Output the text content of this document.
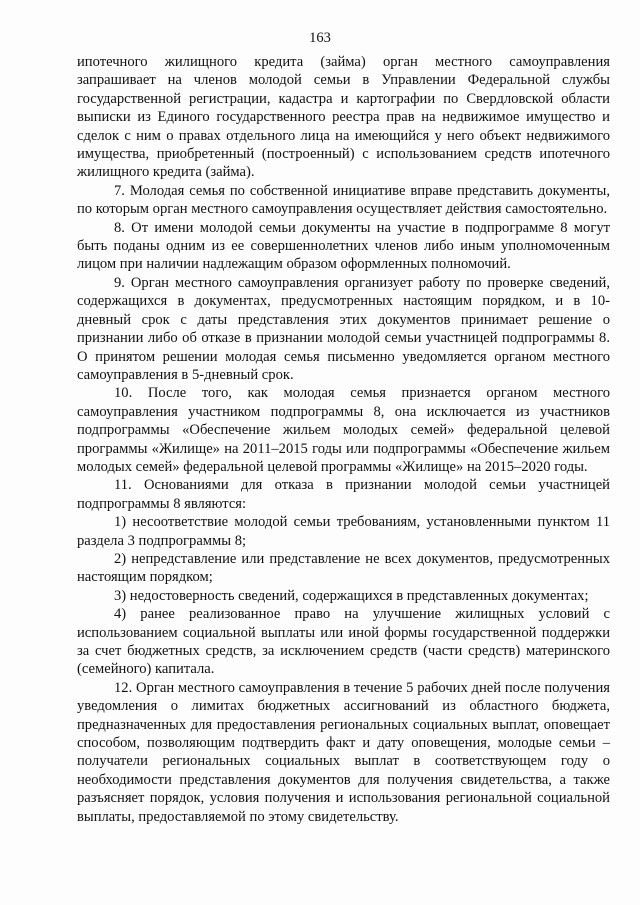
163

ипотечного жилищного кредита (займа) орган местного самоуправления запрашивает на членов молодой семьи в Управлении Федеральной службы государственной регистрации, кадастра и картографии по Свердловской области выписки из Единого государственного реестра прав на недвижимое имущество и сделок с ним о правах отдельного лица на имеющийся у него объект недвижимого имущества, приобретенный (построенный) с использованием средств ипотечного жилищного кредита (займа).

7. Молодая семья по собственной инициативе вправе представить документы, по которым орган местного самоуправления осуществляет действия самостоятельно.

8. От имени молодой семьи документы на участие в подпрограмме 8 могут быть поданы одним из ее совершеннолетних членов либо иным уполномоченным лицом при наличии надлежащим образом оформленных полномочий.

9. Орган местного самоуправления организует работу по проверке сведений, содержащихся в документах, предусмотренных настоящим порядком, и в 10-дневный срок с даты представления этих документов принимает решение о признании либо об отказе в признании молодой семьи участницей подпрограммы 8. О принятом решении молодая семья письменно уведомляется органом местного самоуправления в 5-дневный срок.

10. После того, как молодая семья признается органом местного самоуправления участником подпрограммы 8, она исключается из участников подпрограммы «Обеспечение жильем молодых семей» федеральной целевой программы «Жилище» на 2011–2015 годы или подпрограммы «Обеспечение жильем молодых семей» федеральной целевой программы «Жилище» на 2015–2020 годы.

11. Основаниями для отказа в признании молодой семьи участницей подпрограммы 8 являются:

1) несоответствие молодой семьи требованиям, установленными пунктом 11 раздела 3 подпрограммы 8;

2) непредставление или представление не всех документов, предусмотренных настоящим порядком;

3) недостоверность сведений, содержащихся в представленных документах;

4) ранее реализованное право на улучшение жилищных условий с использованием социальной выплаты или иной формы государственной поддержки за счет бюджетных средств, за исключением средств (части средств) материнского (семейного) капитала.

12. Орган местного самоуправления в течение 5 рабочих дней после получения уведомления о лимитах бюджетных ассигнований из областного бюджета, предназначенных для предоставления региональных социальных выплат, оповещает способом, позволяющим подтвердить факт и дату оповещения, молодые семьи – получатели региональных социальных выплат в соответствующем году о необходимости представления документов для получения свидетельства, а также разъясняет порядок, условия получения и использования региональной социальной выплаты, предоставляемой по этому свидетельству.
